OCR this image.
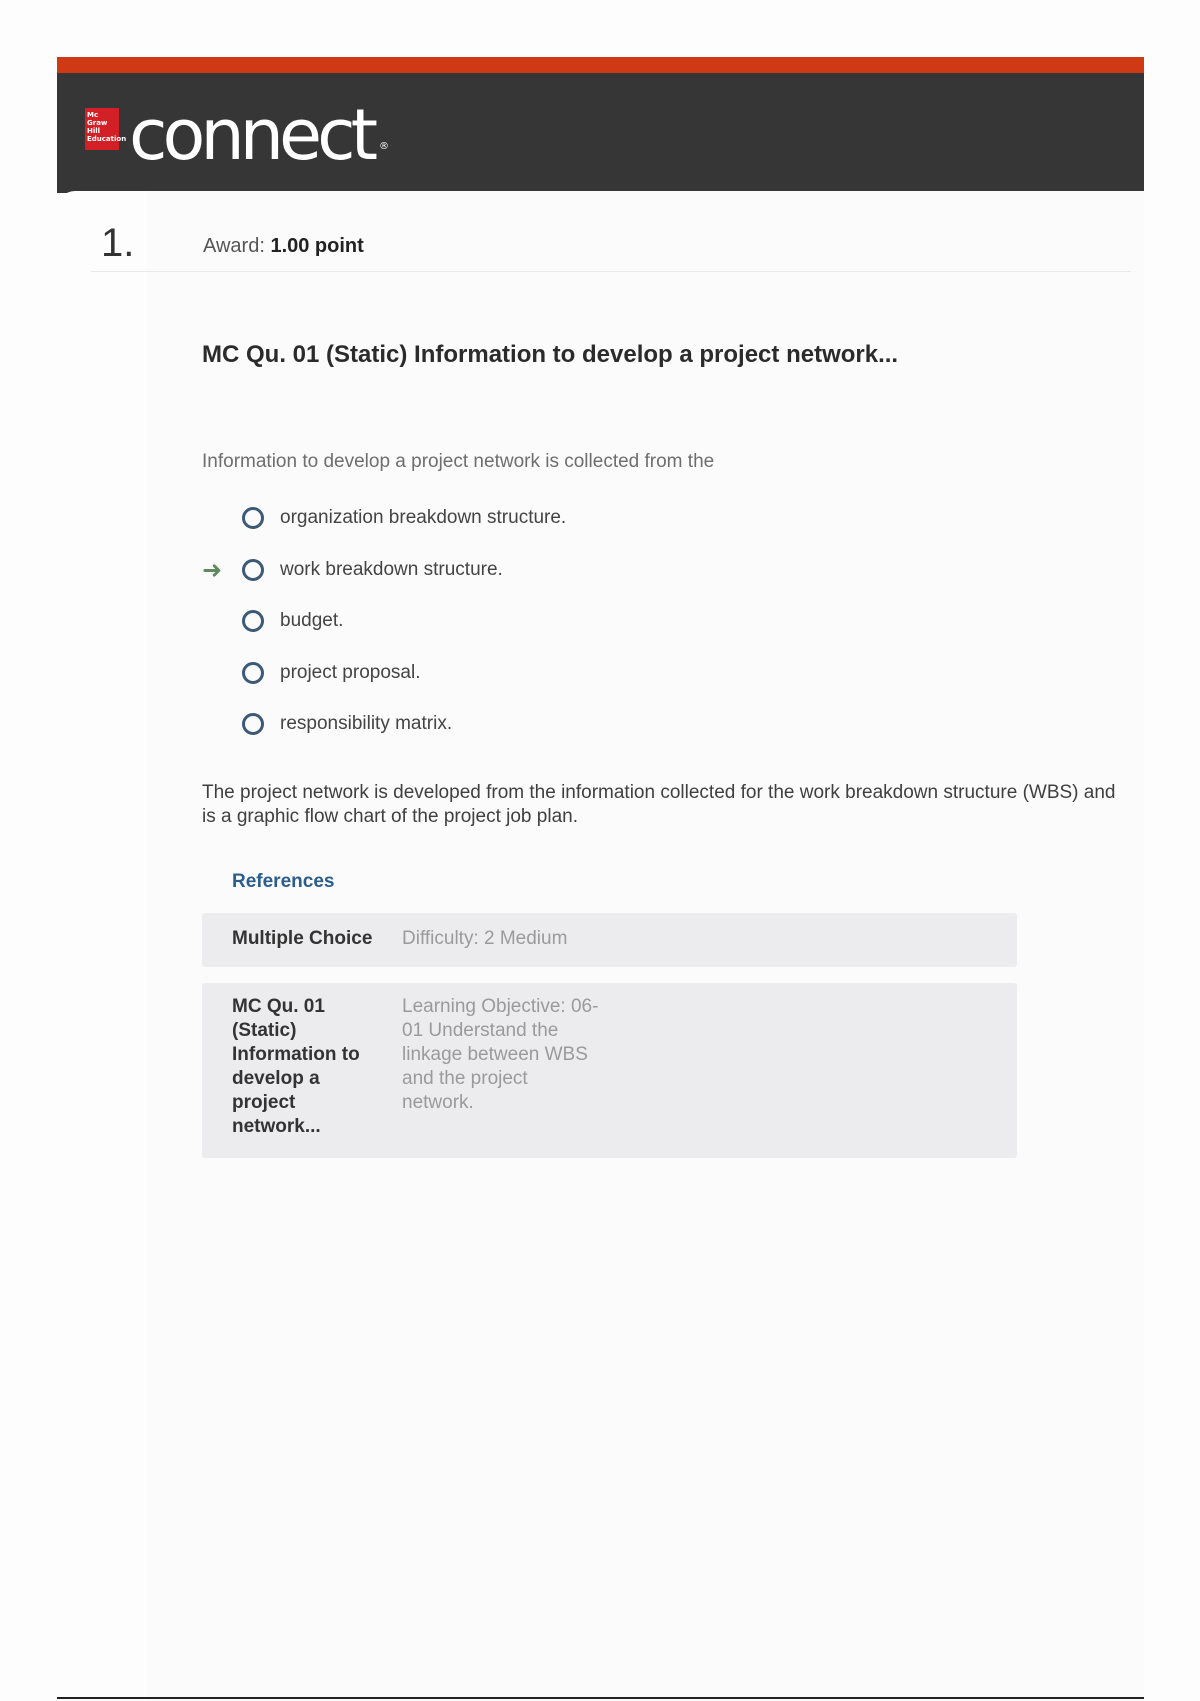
Mc Graw Hill Education connect ®
1.	Award: 1.00 point
MC Qu. 01 (Static) Information to develop a project network...
Information to develop a project network is collected from the
organization breakdown structure.
➜	work breakdown structure.
budget.
project proposal.
responsibility matrix.
The project network is developed from the information collected for the work breakdown structure (WBS) and is a graphic flow chart of the project job plan.
References
Multiple Choice Difficulty: 2 Medium
MC Qu. 01 (Static) Information to develop a project network...
Learning Objective: 06-01 Understand the linkage between WBS and the project network.
